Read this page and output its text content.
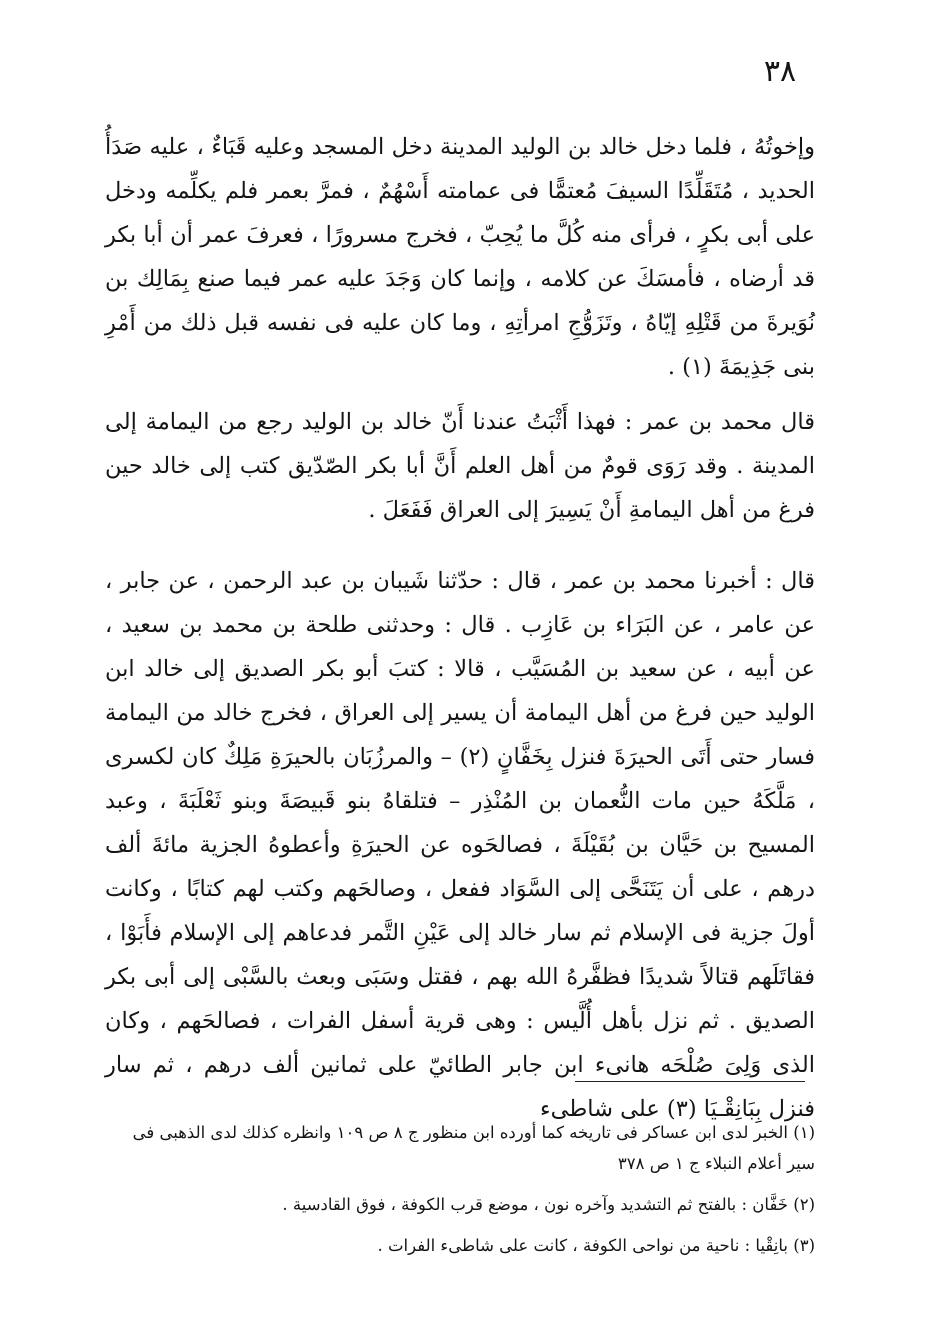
٣٨

وإخوتُهُ ، فلما دخل خالد بن الوليد المدينة دخل المسجد وعليه قَبَاءٌ ، عليه صَدَأُ الحديد ، مُتَقَلِّدًا السيفَ مُعتمًّا فى عمامته أَسْهُمٌ ، فمرَّ بعمر فلم يكلِّمه ودخل على أبى بكرٍ ، فرأى منه كُلَّ ما يُحِبّ ، فخرج مسرورًا ، فعرفَ عمر أن أبا بكر قد أرضاه ، فأمسَكَ عن كلامه ، وإنما كان وَجَدَ عليه عمر فيما صنع بِمَالِك بن نُوَيرةَ من قَتْلِهِ إيّاهُ ، وتَزَوُّجِ امرأتِهِ ، وما كان عليه فى نفسه قبل ذلك من أَمْرِ بنى جَذِيمَةَ (١) .

قال محمد بن عمر : فهذا أَثْبَتُ عندنا أَنّ خالد بن الوليد رجع من اليمامة إلى المدينة . وقد رَوَى قومٌ من أهل العلم أَنَّ أبا بكر الصّدّيق كتب إلى خالد حين فرغ من أهل اليمامةِ أَنْ يَسِيرَ إلى العراق فَفَعَلَ .

قال : أخبرنا محمد بن عمر ، قال : حدّثنا شَيبان بن عبد الرحمن ، عن جابر ، عن عامر ، عن البَرَاء بن عَازِب . قال : وحدثنى طلحة بن محمد بن سعيد ، عن أبيه ، عن سعيد بن المُسَيَّب ، قالا : كتبَ أبو بكر الصديق إلى خالد ابن الوليد حين فرغ من أهل اليمامة أن يسير إلى العراق ، فخرج خالد من اليمامة فسار حتى أَتَى الحيرَةَ فنزل بِخَفَّانٍ (٢) – والمرزُبَان بالحيرَةِ مَلِكٌ كان لكسرى ، مَلَّكَهُ حين مات النُّعمان بن المُنْذِر – فتلقاهُ بنو قَبيصَةَ وبنو ثَعْلَبَةَ ، وعبد المسيح بن حَيَّان بن بُقَيْلَةَ ، فصالحَوه عن الحيرَةِ وأعطوهُ الجزية مائةَ ألف درهم ، على أن يَتَنَحَّى إلى السَّوَاد ففعل ، وصالحَهم وكتب لهم كتابًا ، وكانت أولَ جزية فى الإسلام ثم سار خالد إلى عَيْنِ التَّمر فدعاهم إلى الإسلام فأَبَوْا ، فقاتَلَهم قتالاً شديدًا فظفَّرهُ الله بهم ، فقتل وسَبَى وبعث بالسَّبْى إلى أبى بكر الصديق . ثم نزل بأهل أُلَّيس : وهى قرية أسفل الفرات ، فصالحَهم ، وكان الذى وَلِىَ صُلْحَه هانىء ابن جابر الطائيّ على ثمانين ألف درهم ، ثم سار فنزل بِبَانِقْـيَا (٣) على شاطىء

(١) الخبر لدى ابن عساكر فى تاريخه كما أورده ابن منظور ج ٨ ص ١٠٩ وانظره كذلك لدى الذهبى فى سير أعلام النبلاء ج ١ ص ٣٧٨

(٢) خَفَّان : بالفتح ثم التشديد وآخره نون ، موضع قرب الكوفة ، فوق القادسية .

(٣) بانِقْيا : ناحية من نواحى الكوفة ، كانت على شاطىء الفرات .
